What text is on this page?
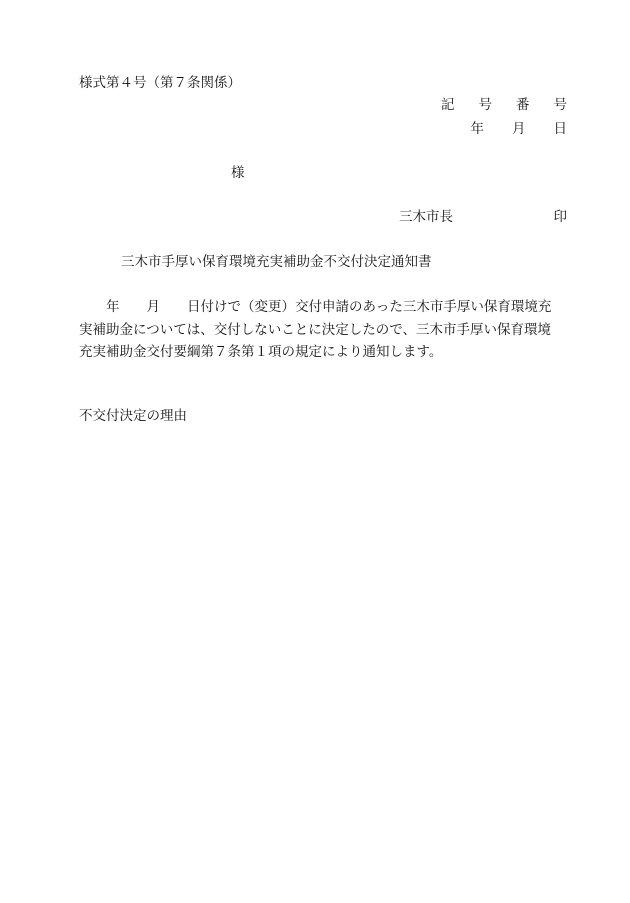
様式第４号（第７条関係）
記 号 番 号
年 月 日
様
三木市長	印
三木市手厚い保育環境充実補助金不交付決定通知書
　　年　　月　　日付けで（変更）交付申請のあった三木市手厚い保育環境充
実補助金については、交付しないことに決定したので、三木市手厚い保育環境
充実補助金交付要綱第７条第１項の規定により通知します。
不交付決定の理由
